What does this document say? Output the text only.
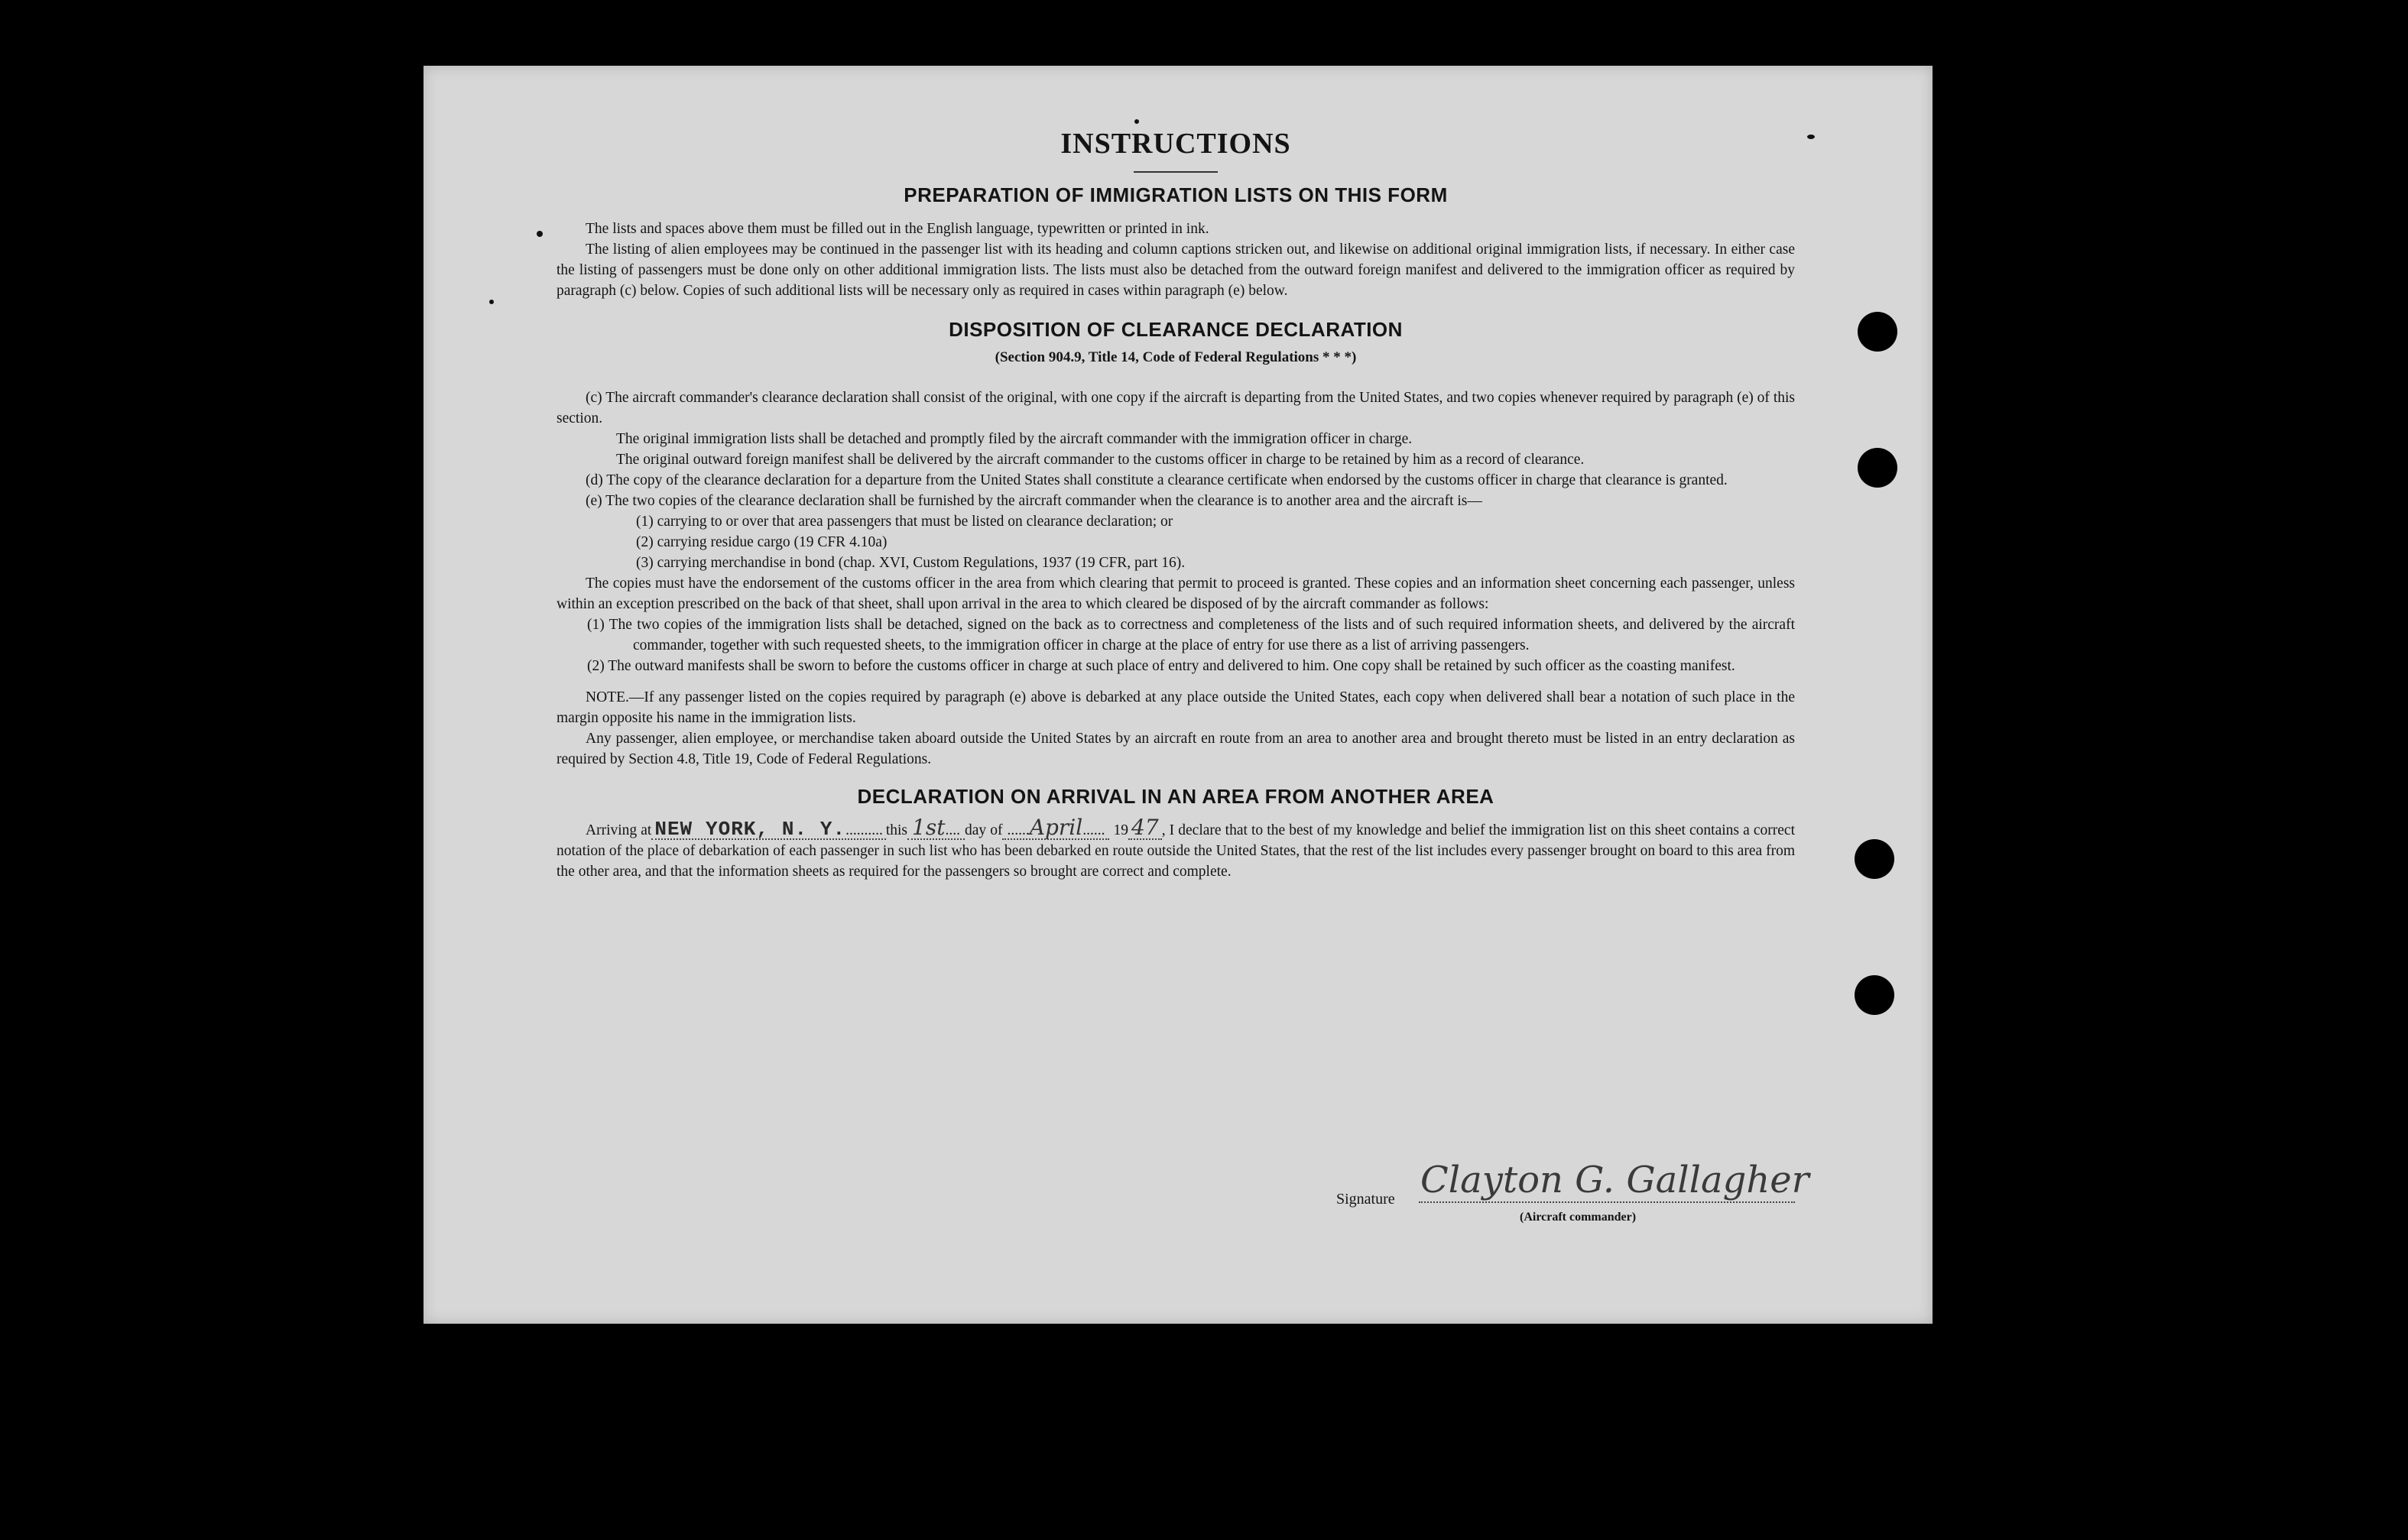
INSTRUCTIONS
PREPARATION OF IMMIGRATION LISTS ON THIS FORM

The lists and spaces above them must be filled out in the English language, typewritten or printed in ink.

The listing of alien employees may be continued in the passenger list with its heading and column captions stricken out, and likewise on additional original immigration lists, if necessary. In either case the listing of passengers must be done only on other additional immigration lists. The lists must also be detached from the outward foreign manifest and delivered to the immigration officer as required by paragraph (c) below. Copies of such additional lists will be necessary only as required in cases within paragraph (e) below.

DISPOSITION OF CLEARANCE DECLARATION

(Section 904.9, Title 14, Code of Federal Regulations * * *)

(c) The aircraft commander's clearance declaration shall consist of the original, with one copy if the aircraft is departing from the United States, and two copies whenever required by paragraph (e) of this section.

The original immigration lists shall be detached and promptly filed by the aircraft commander with the immigration officer in charge.

The original outward foreign manifest shall be delivered by the aircraft commander to the customs officer in charge to be retained by him as a record of clearance.

(d) The copy of the clearance declaration for a departure from the United States shall constitute a clearance certificate when endorsed by the customs officer in charge that clearance is granted.

(e) The two copies of the clearance declaration shall be furnished by the aircraft commander when the clearance is to another area and the aircraft is—

(1) carrying to or over that area passengers that must be listed on clearance declaration; or

(2) carrying residue cargo (19 CFR 4.10a)

(3) carrying merchandise in bond (chap. XVI, Custom Regulations, 1937 (19 CFR, part 16).

The copies must have the endorsement of the customs officer in the area from which clearing that permit to proceed is granted. These copies and an information sheet concerning each passenger, unless within an exception prescribed on the back of that sheet, shall upon arrival in the area to which cleared be disposed of by the aircraft commander as follows:

(1) The two copies of the immigration lists shall be detached, signed on the back as to correctness and completeness of the lists and of such required information sheets, and delivered by the aircraft commander, together with such requested sheets, to the immigration officer in charge at the place of entry for use there as a list of arriving passengers.

(2) The outward manifests shall be sworn to before the customs officer in charge at such place of entry and delivered to him. One copy shall be retained by such officer as the coasting manifest.

NOTE.—If any passenger listed on the copies required by paragraph (e) above is debarked at any place outside the United States, each copy when delivered shall bear a notation of such place in the margin opposite his name in the immigration lists.

Any passenger, alien employee, or merchandise taken aboard outside the United States by an aircraft en route from an area to another area and brought thereto must be listed in an entry declaration as required by Section 4.8, Title 19, Code of Federal Regulations.

DECLARATION ON ARRIVAL IN AN AREA FROM ANOTHER AREA

Arriving at NEW YORK, N. Y........... this 1st.... day of ......April...... 19 47 , I declare that to the best of my knowledge and belief the immigration list on this sheet contains a correct notation of the place of debarkation of each passenger in such list who has been debarked en route outside the United States, that the rest of the list includes every passenger brought on board to this area from the other area, and that the information sheets as required for the passengers so brought are correct and complete.

Signature Clayton G. Gallagher
(Aircraft commander)
